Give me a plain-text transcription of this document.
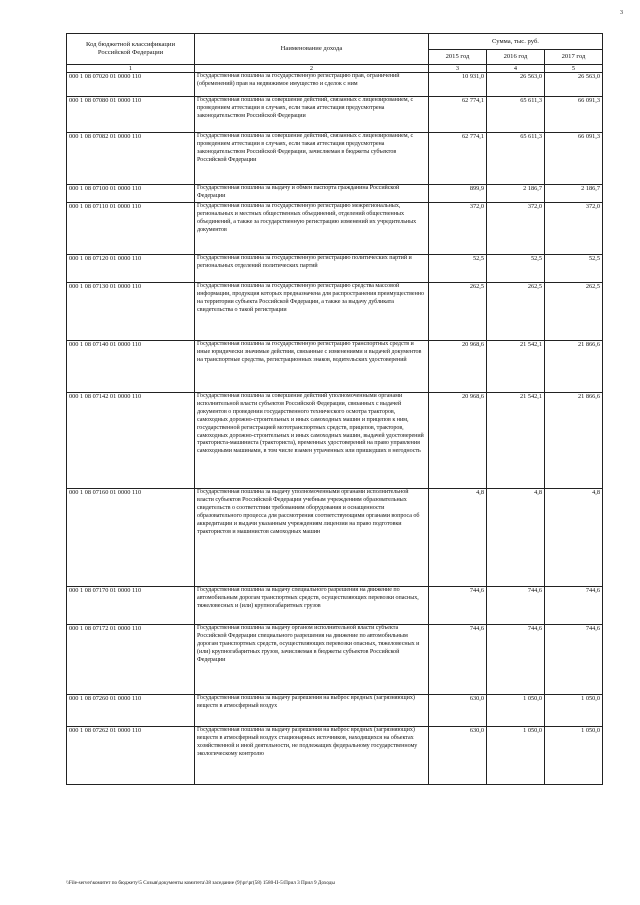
3
Код бюджетной классификации Российской Федерации	Наименование дохода	Сумма, тыс. руб.		
		2015 год	2016 год	2017 год
1	2	3	4	5
000 1 08 07020 01 0000 110	Государственная пошлина за государственную регистрацию прав, ограничений (обременений) прав на недвижимое имущество и сделок с ним	10 931,0	26 563,0	26 563,0
000 1 08 07080 01 0000 110	Государственная пошлина за совершение действий, связанных с лицензированием, с проведением аттестации в случаях, если такая аттестация предусмотрена законодательством Российской Федерации	62 774,1	65 611,3	66 091,3
000 1 08 07082 01 0000 110	Государственная пошлина за совершение действий, связанных с лицензированием, с проведением аттестации в случаях, если такая аттестация предусмотрена законодательством Российской Федерации, зачисляемая в бюджеты субъектов Российской Федерации	62 774,1	65 611,3	66 091,3
000 1 08 07100 01 0000 110	Государственная пошлина за выдачу и обмен паспорта гражданина Российской Федерации	899,9	2 186,7	2 186,7
000 1 08 07110 01 0000 110	Государственная пошлина за государственную регистрацию межрегиональных, региональных и местных общественных объединений, отделений общественных объединений, а также за государственную регистрацию изменений их учредительных документов	372,0	372,0	372,0
000 1 08 07120 01 0000 110	Государственная пошлина за государственную регистрацию политических партий и региональных отделений политических партий	52,5	52,5	52,5
000 1 08 07130 01 0000 110	Государственная пошлина за государственную регистрацию средства массовой информации, продукция которых предназначена для распространения преимущественно на территории субъекта Российской Федерации, а также за выдачу дубликата свидетельства о такой регистрации	262,5	262,5	262,5
000 1 08 07140 01 0000 110	Государственная пошлина за государственную регистрацию транспортных средств и иные юридически значимые действия, связанные с изменениями и выдачей документов на транспортные средства, регистрационных знаков, водительских удостоверений	20 968,6	21 542,1	21 866,6
000 1 08 07142 01 0000 110	Государственная пошлина за совершение действий уполномоченными органами исполнительной власти субъектов Российской Федерации, связанных с выдачей документов о проведении государственного технического осмотра тракторов, самоходных дорожно-строительных и иных самоходных машин и прицепов к ним, государственной регистрацией мототранспортных средств, прицепов, тракторов, самоходных дорожно-строительных и иных самоходных машин, выдачей удостоверений тракториста-машиниста (тракториста), временных удостоверений на право управления самоходными машинами, в том числе взамен утраченных или пришедших в негодность	20 968,6	21 542,1	21 866,6
000 1 08 07160 01 0000 110	Государственная пошлина за выдачу уполномоченными органами исполнительной власти субъектов Российской Федерации учебным учреждениям образовательных свидетельств о соответствии требованиям оборудования и оснащенности образовательного процесса для рассмотрения соответствующими органами вопроса об аккредитации и выдачи указанным учреждениям лицензии на право подготовки трактористов и машинистов самоходных машин	4,8	4,8	4,8
000 1 08 07170 01 0000 110	Государственная пошлина за выдачу специального разрешения на движение по автомобильным дорогам транспортных средств, осуществляющих перевозки опасных, тяжеловесных и (или) крупногабаритных грузов	744,6	744,6	744,6
000 1 08 07172 01 0000 110	Государственная пошлина за выдачу органом исполнительной власти субъекта Российской Федерации специального разрешения на движение по автомобильным дорогам транспортных средств, осуществляющих перевозки опасных, тяжеловесных и (или) крупногабаритных грузов, зачисляемая в бюджеты субъектов Российской Федерации	744,6	744,6	744,6
000 1 08 07260 01 0000 110	Государственная пошлина за выдачу разрешения на выброс вредных (загрязняющих) веществ в атмосферный воздух	630,0	1 050,0	1 050,0
000 1 08 07262 01 0000 110	Государственная пошлина за выдачу разрешения на выброс вредных (загрязняющих) веществ в атмосферный воздух стационарных источников, находящихся на объектах хозяйственной и иной деятельности, не подлежащих федеральному государственному экологическому контролю	630,0	1 050,0	1 050,0
\\File-server\комитет по бюджету\5 Созыв\документы комитета\38 заседание (9)\pr\pr(58) 1580-II-5\Прил 3 Прил 9 Доходы
